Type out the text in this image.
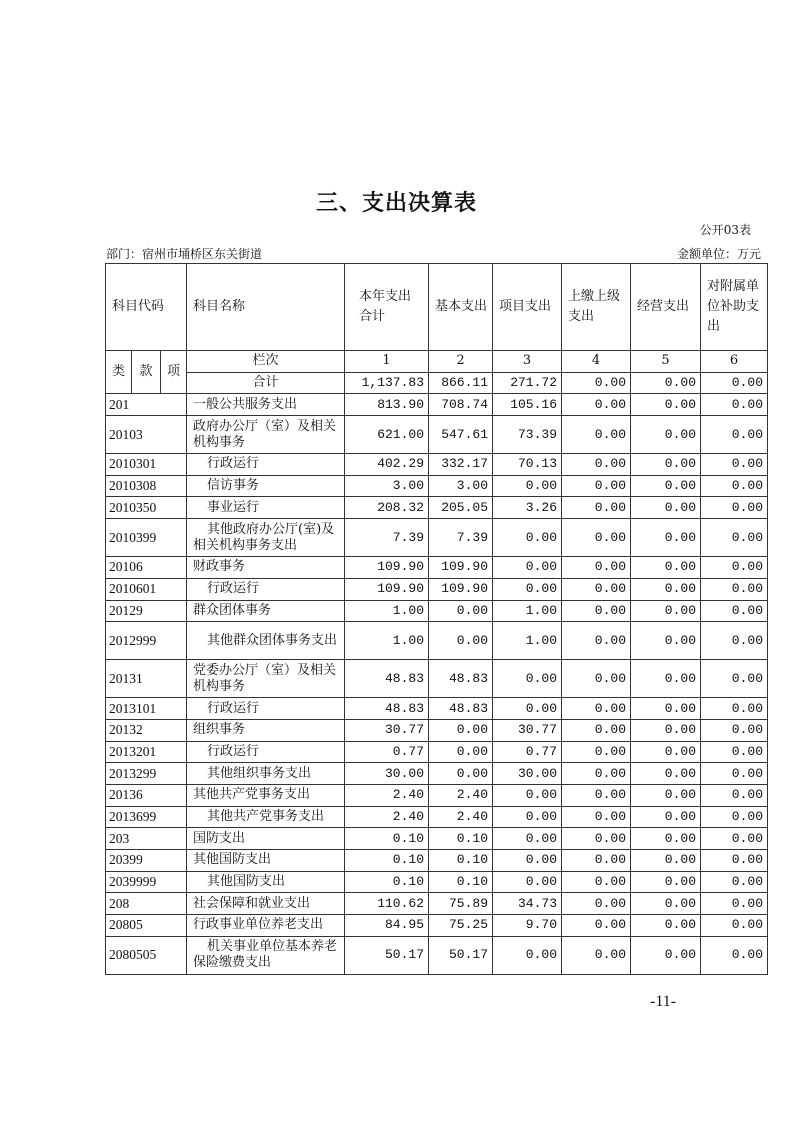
三、支出决算表
公开03表
部门：宿州市埇桥区东关街道	金额单位：万元
科目代码			科目名称	本年支出合计	基本支出	项目支出	上缴上级支出	经营支出	对附属单位补助支出
类	款	项	栏次	1	2	3	4	5	6
			合计	1,137.83	866.11	271.72	0.00	0.00	0.00
201			一般公共服务支出	813.90	708.74	105.16	0.00	0.00	0.00
20103			政府办公厅（室）及相关机构事务	621.00	547.61	73.39	0.00	0.00	0.00
2010301			行政运行	402.29	332.17	70.13	0.00	0.00	0.00
2010308			信访事务	3.00	3.00	0.00	0.00	0.00	0.00
2010350			事业运行	208.32	205.05	3.26	0.00	0.00	0.00
2010399			其他政府办公厅(室)及相关机构事务支出	7.39	7.39	0.00	0.00	0.00	0.00
20106			财政事务	109.90	109.90	0.00	0.00	0.00	0.00
2010601			行政运行	109.90	109.90	0.00	0.00	0.00	0.00
20129			群众团体事务	1.00	0.00	1.00	0.00	0.00	0.00
2012999			其他群众团体事务支出	1.00	0.00	1.00	0.00	0.00	0.00
20131			党委办公厅（室）及相关机构事务	48.83	48.83	0.00	0.00	0.00	0.00
2013101			行政运行	48.83	48.83	0.00	0.00	0.00	0.00
20132			组织事务	30.77	0.00	30.77	0.00	0.00	0.00
2013201			行政运行	0.77	0.00	0.77	0.00	0.00	0.00
2013299			其他组织事务支出	30.00	0.00	30.00	0.00	0.00	0.00
20136			其他共产党事务支出	2.40	2.40	0.00	0.00	0.00	0.00
2013699			其他共产党事务支出	2.40	2.40	0.00	0.00	0.00	0.00
203			国防支出	0.10	0.10	0.00	0.00	0.00	0.00
20399			其他国防支出	0.10	0.10	0.00	0.00	0.00	0.00
2039999			其他国防支出	0.10	0.10	0.00	0.00	0.00	0.00
208			社会保障和就业支出	110.62	75.89	34.73	0.00	0.00	0.00
20805			行政事业单位养老支出	84.95	75.25	9.70	0.00	0.00	0.00
2080505			机关事业单位基本养老保险缴费支出	50.17	50.17	0.00	0.00	0.00	0.00
-11-
